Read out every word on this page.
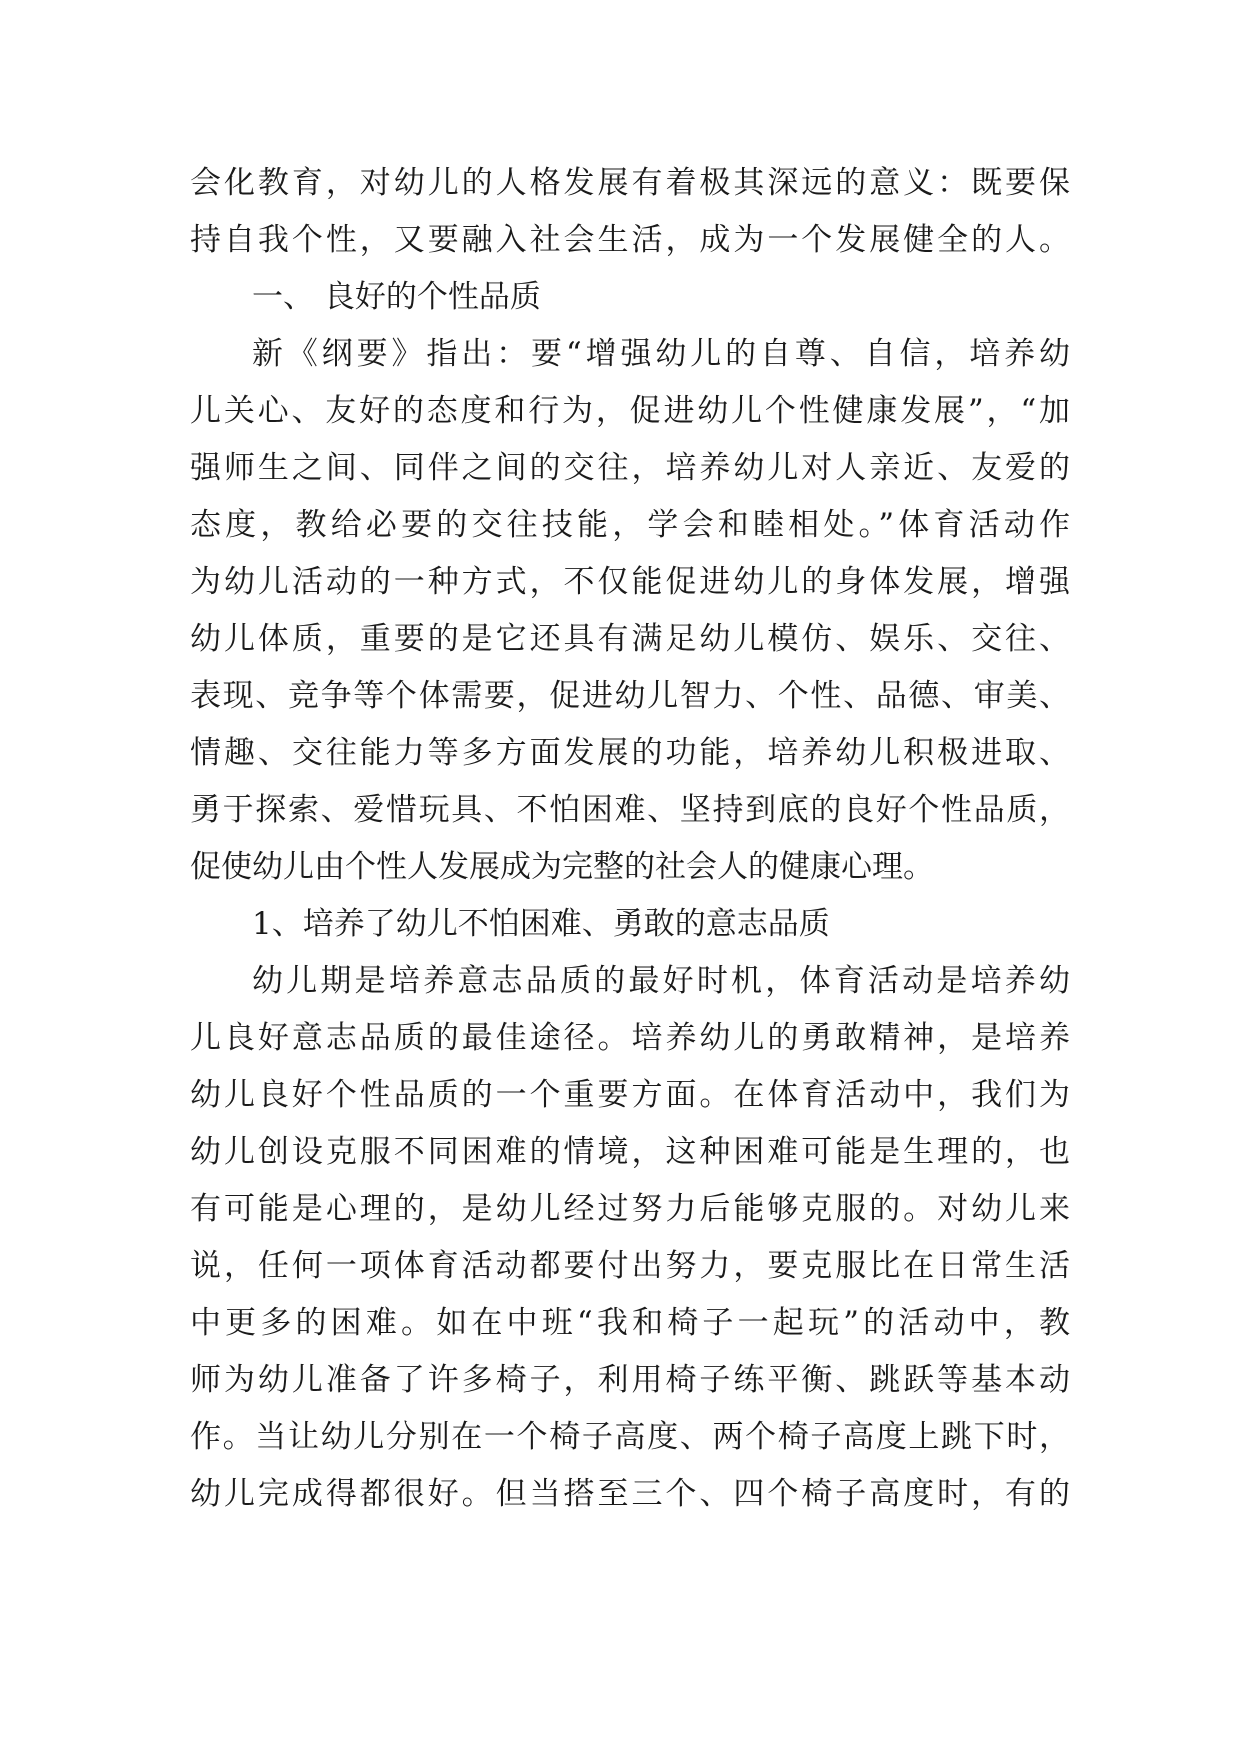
会化教育，对幼儿的人格发展有着极其深远的意义：既要保
持自我个性，又要融入社会生活，成为一个发展健全的人。
一、 良好的个性品质
新《纲要》指出：要“增强幼儿的自尊、自信，培养幼
儿关心、友好的态度和行为，促进幼儿个性健康发展”，“加
强师生之间、同伴之间的交往，培养幼儿对人亲近、友爱的
态度，教给必要的交往技能，学会和睦相处。”体育活动作
为幼儿活动的一种方式，不仅能促进幼儿的身体发展，增强
幼儿体质，重要的是它还具有满足幼儿模仿、娱乐、交往、
表现、竞争等个体需要，促进幼儿智力、个性、品德、审美、
情趣、交往能力等多方面发展的功能，培养幼儿积极进取、
勇于探索、爱惜玩具、不怕困难、坚持到底的良好个性品质，
促使幼儿由个性人发展成为完整的社会人的健康心理。
1、培养了幼儿不怕困难、勇敢的意志品质
幼儿期是培养意志品质的最好时机，体育活动是培养幼
儿良好意志品质的最佳途径。培养幼儿的勇敢精神，是培养
幼儿良好个性品质的一个重要方面。在体育活动中，我们为
幼儿创设克服不同困难的情境，这种困难可能是生理的，也
有可能是心理的，是幼儿经过努力后能够克服的。对幼儿来
说，任何一项体育活动都要付出努力，要克服比在日常生活
中更多的困难。如在中班“我和椅子一起玩”的活动中，教
师为幼儿准备了许多椅子，利用椅子练平衡、跳跃等基本动
作。当让幼儿分别在一个椅子高度、两个椅子高度上跳下时，
幼儿完成得都很好。但当搭至三个、四个椅子高度时，有的
